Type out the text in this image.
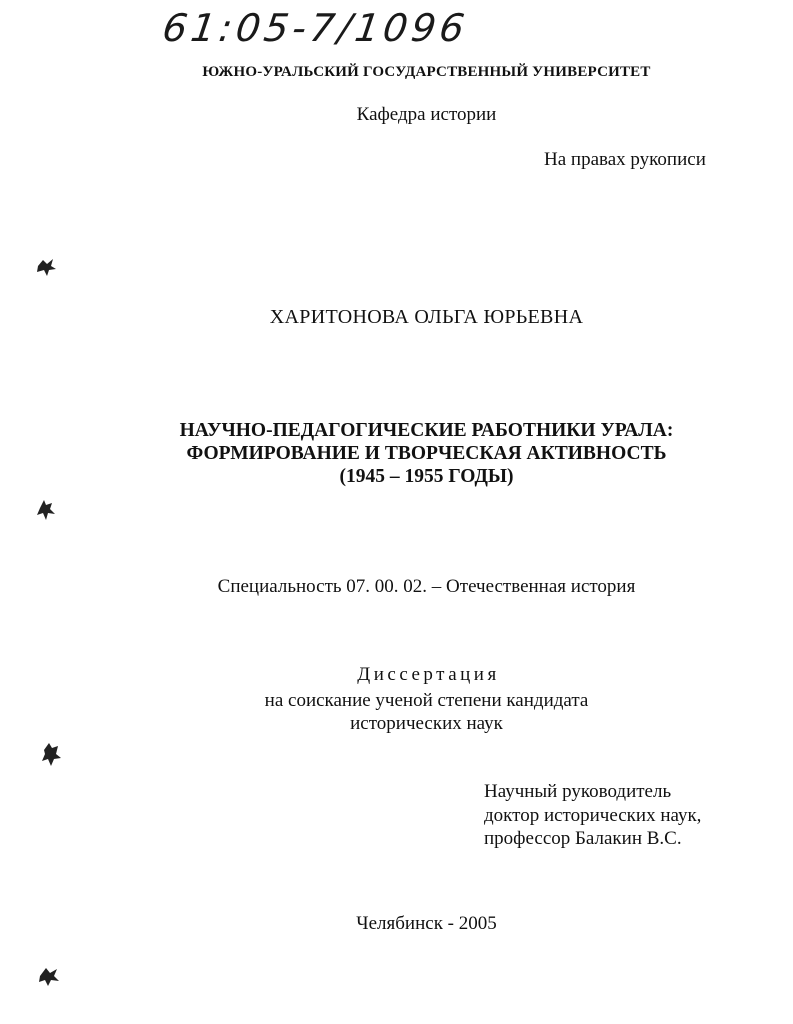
61:05-7/1096
ЮЖНО-УРАЛЬСКИЙ ГОСУДАРСТВЕННЫЙ УНИВЕРСИТЕТ
Кафедра истории
На правах рукописи
ХАРИТОНОВА ОЛЬГА ЮРЬЕВНА
НАУЧНО-ПЕДАГОГИЧЕСКИЕ РАБОТНИКИ УРАЛА:
ФОРМИРОВАНИЕ И ТВОРЧЕСКАЯ АКТИВНОСТЬ
(1945 – 1955 ГОДЫ)
Специальность 07. 00. 02. – Отечественная история
Диссертация
на соискание ученой степени кандидата
исторических наук
Научный руководитель
доктор исторических наук,
профессор Балакин В.С.
Челябинск - 2005
